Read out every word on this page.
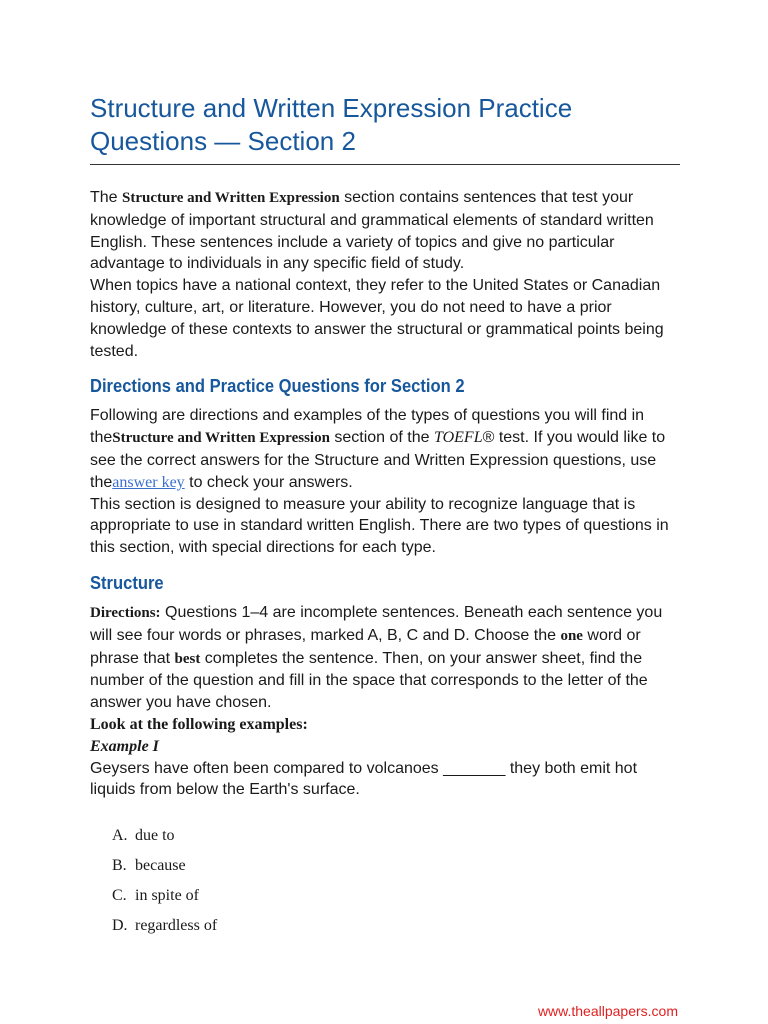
Structure and Written Expression Practice Questions — Section 2

The Structure and Written Expression section contains sentences that test your knowledge of important structural and grammatical elements of standard written English. These sentences include a variety of topics and give no particular advantage to individuals in any specific field of study.

When topics have a national context, they refer to the United States or Canadian history, culture, art, or literature. However, you do not need to have a prior knowledge of these contexts to answer the structural or grammatical points being tested.

Directions and Practice Questions for Section 2

Following are directions and examples of the types of questions you will find in theStructure and Written Expression section of the TOEFL® test. If you would like to see the correct answers for the Structure and Written Expression questions, use theanswer key to check your answers.

This section is designed to measure your ability to recognize language that is appropriate to use in standard written English. There are two types of questions in this section, with special directions for each type.

Structure

Directions: Questions 1–4 are incomplete sentences. Beneath each sentence you will see four words or phrases, marked A, B, C and D. Choose the one word or phrase that best completes the sentence. Then, on your answer sheet, find the number of the question and fill in the space that corresponds to the letter of the answer you have chosen.

Look at the following examples:

Example I

Geysers have often been compared to volcanoes _______ they both emit hot liquids from below the Earth's surface.

A. due to
B. because
C. in spite of
D. regardless of
www.theallpapers.com
